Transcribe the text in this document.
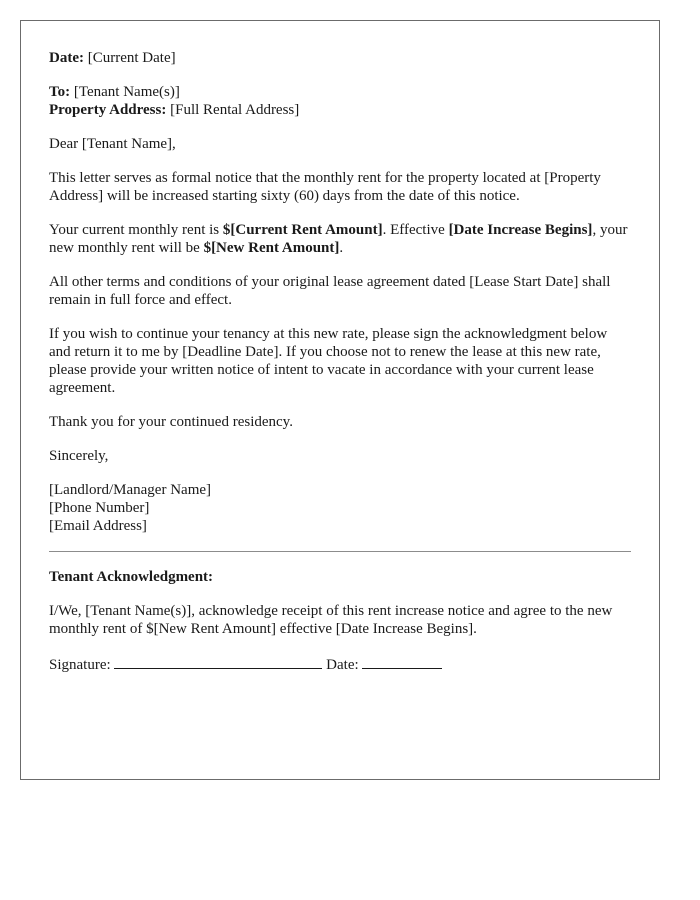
Date: [Current Date]

To: [Tenant Name(s)]

Property Address: [Full Rental Address]

Dear [Tenant Name],

This letter serves as formal notice that the monthly rent for the property located at [Property Address] will be increased starting sixty (60) days from the date of this notice.

Your current monthly rent is $[Current Rent Amount]. Effective [Date Increase Begins], your new monthly rent will be $[New Rent Amount].

All other terms and conditions of your original lease agreement dated [Lease Start Date] shall remain in full force and effect.

If you wish to continue your tenancy at this new rate, please sign the acknowledgment below and return it to me by [Deadline Date]. If you choose not to renew the lease at this new rate, please provide your written notice of intent to vacate in accordance with your current lease agreement.

Thank you for your continued residency.

Sincerely,

[Landlord/Manager Name]

[Phone Number]

[Email Address]

Tenant Acknowledgment:

I/We, [Tenant Name(s)], acknowledge receipt of this rent increase notice and agree to the new monthly rent of $[New Rent Amount] effective [Date Increase Begins].

Signature:	Date:
